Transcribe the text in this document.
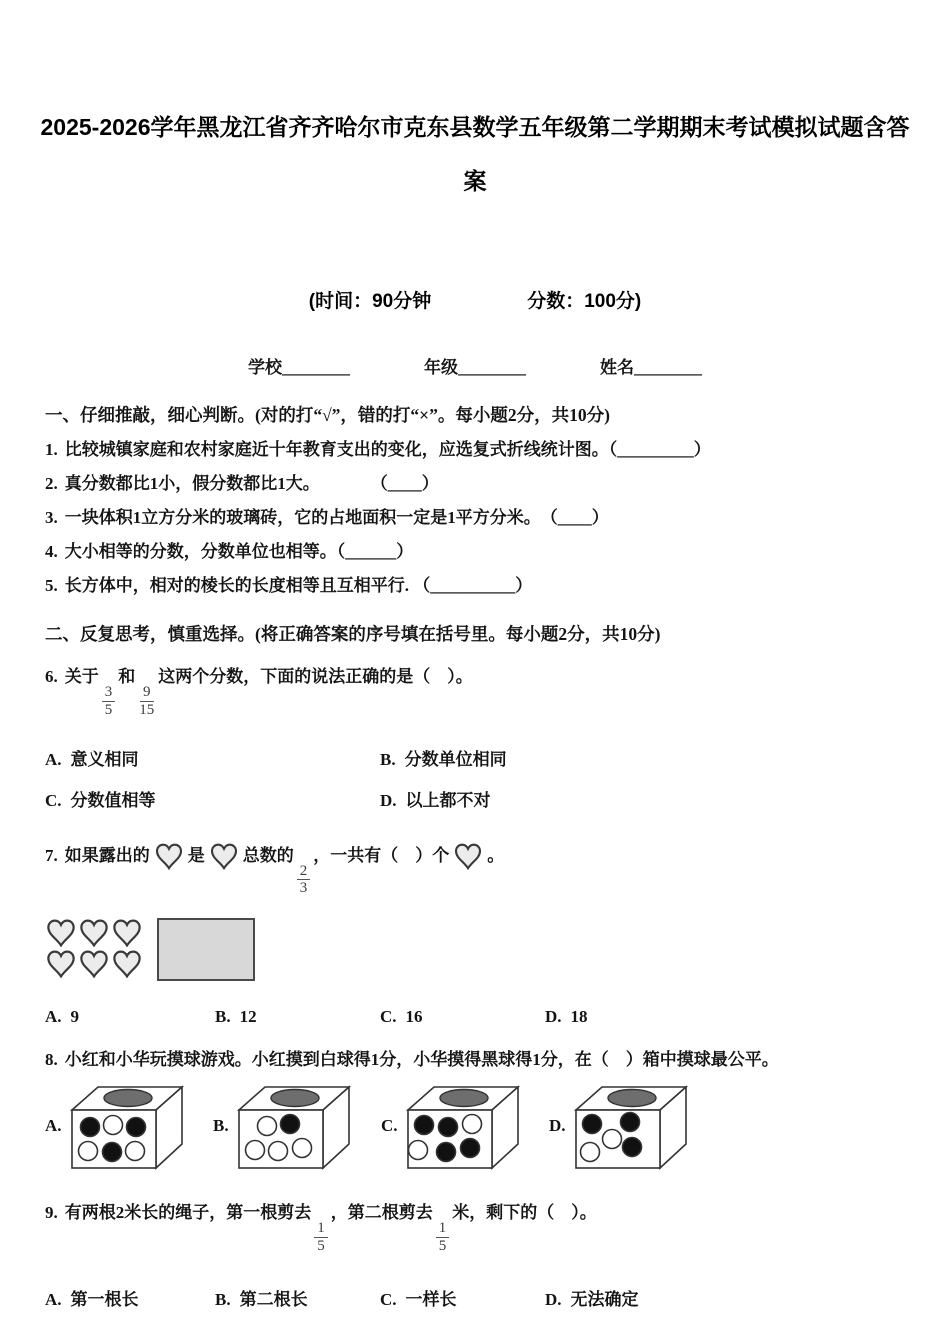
2025-2026学年黑龙江省齐齐哈尔市克东县数学五年级第二学期期末考试模拟试题含答案
(时间：90分钟	分数：100分)
学校________	年级________	姓名________
一、仔细推敲，细心判断。(对的打“√”，错的打“×”。每小题2分，共10分)
1. 比较城镇家庭和农村家庭近十年教育支出的变化，应选复式折线统计图。（_________）
2. 真分数都比1小，假分数都比1大。　　　　（____）
3. 一块体积1立方分米的玻璃砖，它的占地面积一定是1平方分米。　（____）
4. 大小相等的分数，分数单位也相等。（______）
5. 长方体中，相对的棱长的长度相等且互相平行. （__________）
二、反复思考，慎重选择。(将正确答案的序号填在括号里。每小题2分，共10分)
6. 关于
$\frac{3}{5}$
和
$\frac{9}{15}$
这两个分数，下面的说法正确的是（　）。
A. 意义相同	B. 分数单位相同
C. 分数值相等	D. 以上都不对
7. 如果露出的 是 总数的
$\frac{2}{3}$
，一共有（　）个 。
A. 9	B. 12	C. 16	D. 18
8. 小红和小华玩摸球游戏。小红摸到白球得1分，小华摸得黑球得1分，在（　）箱中摸球最公平。
A.	B.	C.	D.
9. 有两根2米长的绳子，第一根剪去
$\frac{1}{5}$
，第二根剪去
$\frac{1}{5}$
米，剩下的（　）。
A. 第一根长	B. 第二根长	C. 一样长	D. 无法确定
